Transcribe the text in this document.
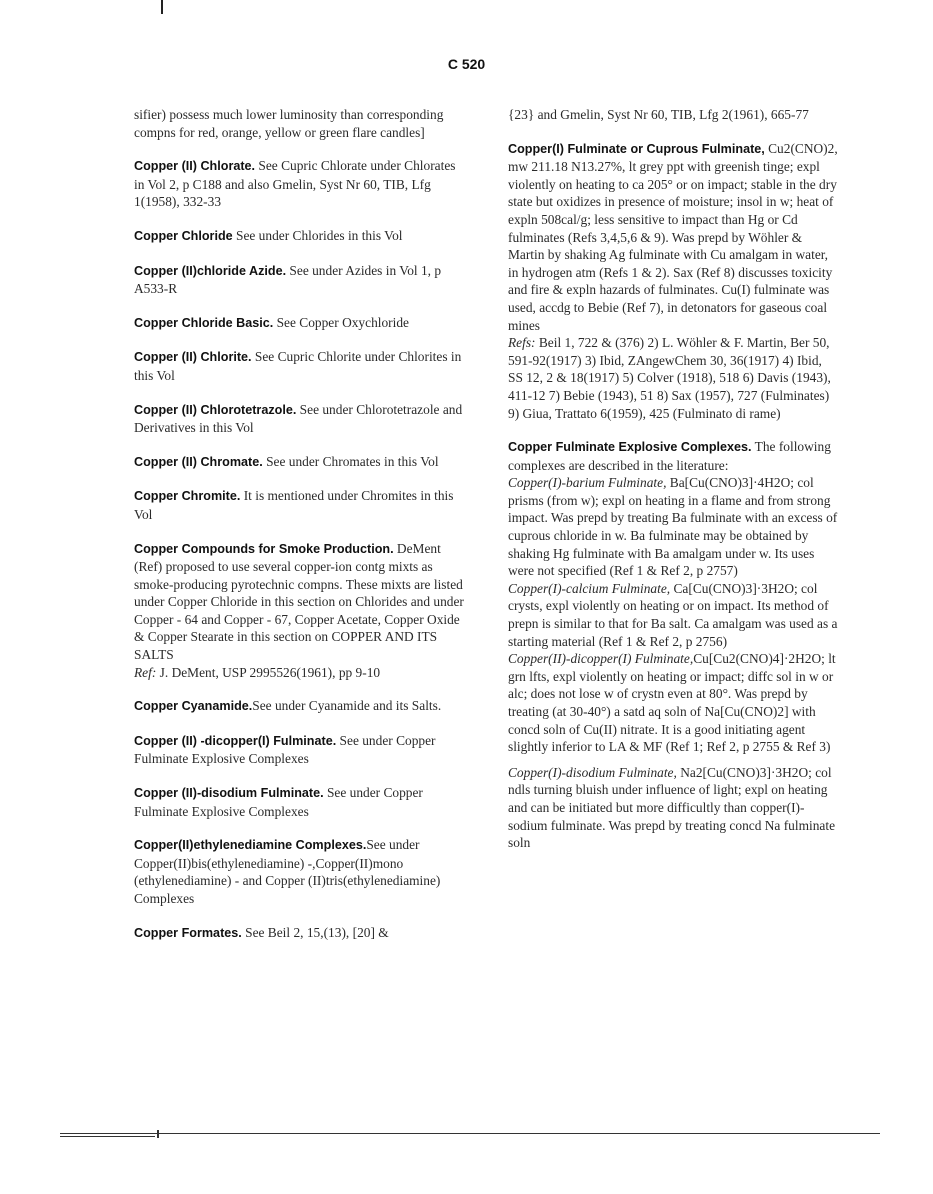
C 520

sifier) possess much lower luminosity than corresponding compns for red, orange, yellow or green flare candles]

Copper (II) Chlorate. See Cupric Chlorate under Chlorates in Vol 2, p C188 and also Gmelin, Syst Nr 60, TIB, Lfg 1(1958), 332-33

Copper Chloride See under Chlorides in this Vol

Copper (II)chloride Azide. See under Azides in Vol 1, p A533-R

Copper Chloride Basic. See Copper Oxychloride

Copper (II) Chlorite. See Cupric Chlorite under Chlorites in this Vol

Copper (II) Chlorotetrazole. See under Chlorotetrazole and Derivatives in this Vol

Copper (II) Chromate. See under Chromates in this Vol

Copper Chromite. It is mentioned under Chromites in this Vol

Copper Compounds for Smoke Production. DeMent (Ref) proposed to use several copper-ion contg mixts as smoke-producing pyrotechnic compns. These mixts are listed under Copper Chloride in this section on Chlorides and under Copper - 64 and Copper - 67, Copper Acetate, Copper Oxide & Copper Stearate in this section on COPPER AND ITS SALTS

Ref: J. DeMent, USP 2995526(1961), pp 9-10

Copper Cyanamide.See under Cyanamide and its Salts.

Copper (II) -dicopper(I) Fulminate. See under Copper Fulminate Explosive Complexes

Copper (II)-disodium Fulminate. See under Copper Fulminate Explosive Complexes

Copper(II)ethylenediamine Complexes.See under Copper(II)bis(ethylenediamine) -,Copper(II)mono (ethylenediamine) - and Copper (II)tris(ethylenediamine) Complexes

Copper Formates. See Beil 2, 15,(13), [20] &

{23} and Gmelin, Syst Nr 60, TIB, Lfg 2(1961), 665-77

Copper(I) Fulminate or Cuprous Fulminate, Cu2(CNO)2, mw 211.18 N13.27%, lt grey ppt with greenish tinge; expl violently on heating to ca 205° or on impact; stable in the dry state but oxidizes in presence of moisture; insol in w; heat of expln 508cal/g; less sensitive to impact than Hg or Cd fulminates (Refs 3,4,5,6 & 9). Was prepd by Wöhler & Martin by shaking Ag fulminate with Cu amalgam in water, in hydrogen atm (Refs 1 & 2). Sax (Ref 8) discusses toxicity and fire & expln hazards of fulminates. Cu(I) fulminate was used, accdg to Bebie (Ref 7), in detonators for gaseous coal mines

Refs: Beil 1, 722 & (376) 2) L. Wöhler & F. Martin, Ber 50, 591-92(1917) 3) Ibid, ZAngewChem 30, 36(1917) 4) Ibid, SS 12, 2 & 18(1917) 5) Colver (1918), 518 6) Davis (1943), 411-12 7) Bebie (1943), 51 8) Sax (1957), 727 (Fulminates) 9) Giua, Trattato 6(1959), 425 (Fulminato di rame)

Copper Fulminate Explosive Complexes. The following complexes are described in the literature:

Copper(I)-barium Fulminate, Ba[Cu(CNO)3]·4H2O; col prisms (from w); expl on heating in a flame and from strong impact. Was prepd by treating Ba fulminate with an excess of cuprous chloride in w. Ba fulminate may be obtained by shaking Hg fulminate with Ba amalgam under w. Its uses were not specified (Ref 1 & Ref 2, p 2757)

Copper(I)-calcium Fulminate, Ca[Cu(CNO)3]·3H2O; col crysts, expl violently on heating or on impact. Its method of prepn is similar to that for Ba salt. Ca amalgam was used as a starting material (Ref 1 & Ref 2, p 2756)

Copper(II)-dicopper(I) Fulminate,Cu[Cu2(CNO)4]·2H2O; lt grn lfts, expl violently on heating or impact; diffc sol in w or alc; does not lose w of crystn even at 80°. Was prepd by treating (at 30-40°) a satd aq soln of Na[Cu(CNO)2] with concd soln of Cu(II) nitrate. It is a good initiating agent slightly inferior to LA & MF (Ref 1; Ref 2, p 2755 & Ref 3)

Copper(I)-disodium Fulminate, Na2[Cu(CNO)3]·3H2O; col ndls turning bluish under influence of light; expl on heating and can be initiated but more difficultly than copper(I)-sodium fulminate. Was prepd by treating concd Na fulminate soln
